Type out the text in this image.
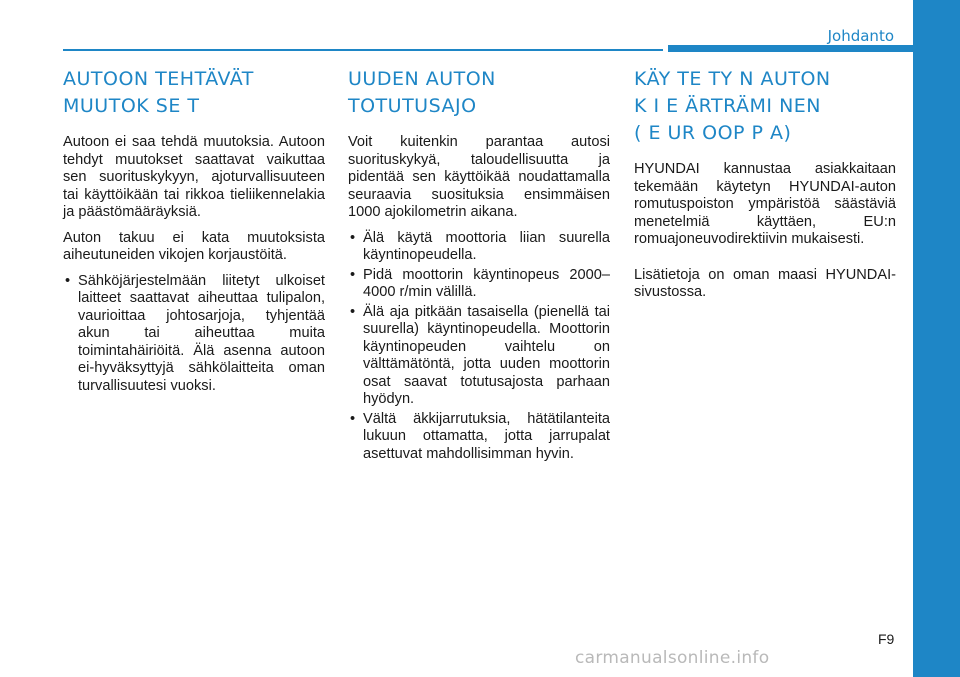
Johdanto
AUTOON TEHTÄVÄT
MUUTOK SE T

Autoon ei saa tehdä muutoksia. Autoon tehdyt muutokset saattavat vaikuttaa sen suorituskykyyn, ajoturvallisuuteen tai käyttöikään tai rikkoa tieliikennelakia ja päästömääräyksiä.

Auton takuu ei kata muutoksista aiheutuneiden vikojen korjaustöitä.

• Sähköjärjestelmään liitetyt ulkoiset laitteet saattavat aiheuttaa tulipalon, vaurioittaa johtosarjoja, tyhjentää akun tai aiheuttaa muita toimintahäiriöitä. Älä asenna autoon ei-hyväksyttyjä sähkölaitteita oman turvallisuutesi vuoksi.
UUDEN AUTON
TOTUTUSAJO

Voit kuitenkin parantaa autosi suorituskykyä, taloudellisuutta ja pidentää sen käyttöikää noudattamalla seuraavia suosituksia ensimmäisen 1000 ajokilometrin aikana.

• Älä käytä moottoria liian suurella käyntinopeudella.
• Pidä moottorin käyntinopeus 2000–4000 r/min välillä.
• Älä aja pitkään tasaisella (pienellä tai suurella) käyntinopeudella. Moottorin käyntinopeuden vaihtelu on välttämätöntä, jotta uuden moottorin osat saavat totutusajosta parhaan hyödyn.
• Vältä äkkijarrutuksia, hätätilanteita lukuun ottamatta, jotta jarrupalat asettuvat mahdollisimman hyvin.
KÄY TE TY N AUTON
K I E ÄRTRÄMI NEN
( E UR OOP P A)

HYUNDAI kannustaa asiakkaitaan tekemään käytetyn HYUNDAI-auton romutuspoiston ympäristöä säästäviä menetelmiä käyttäen, EU:n romuajoneuvodirektiivin mukaisesti.

Lisätietoja on oman maasi HYUNDAI-sivustossa.

F9
carmanualsonline.info
